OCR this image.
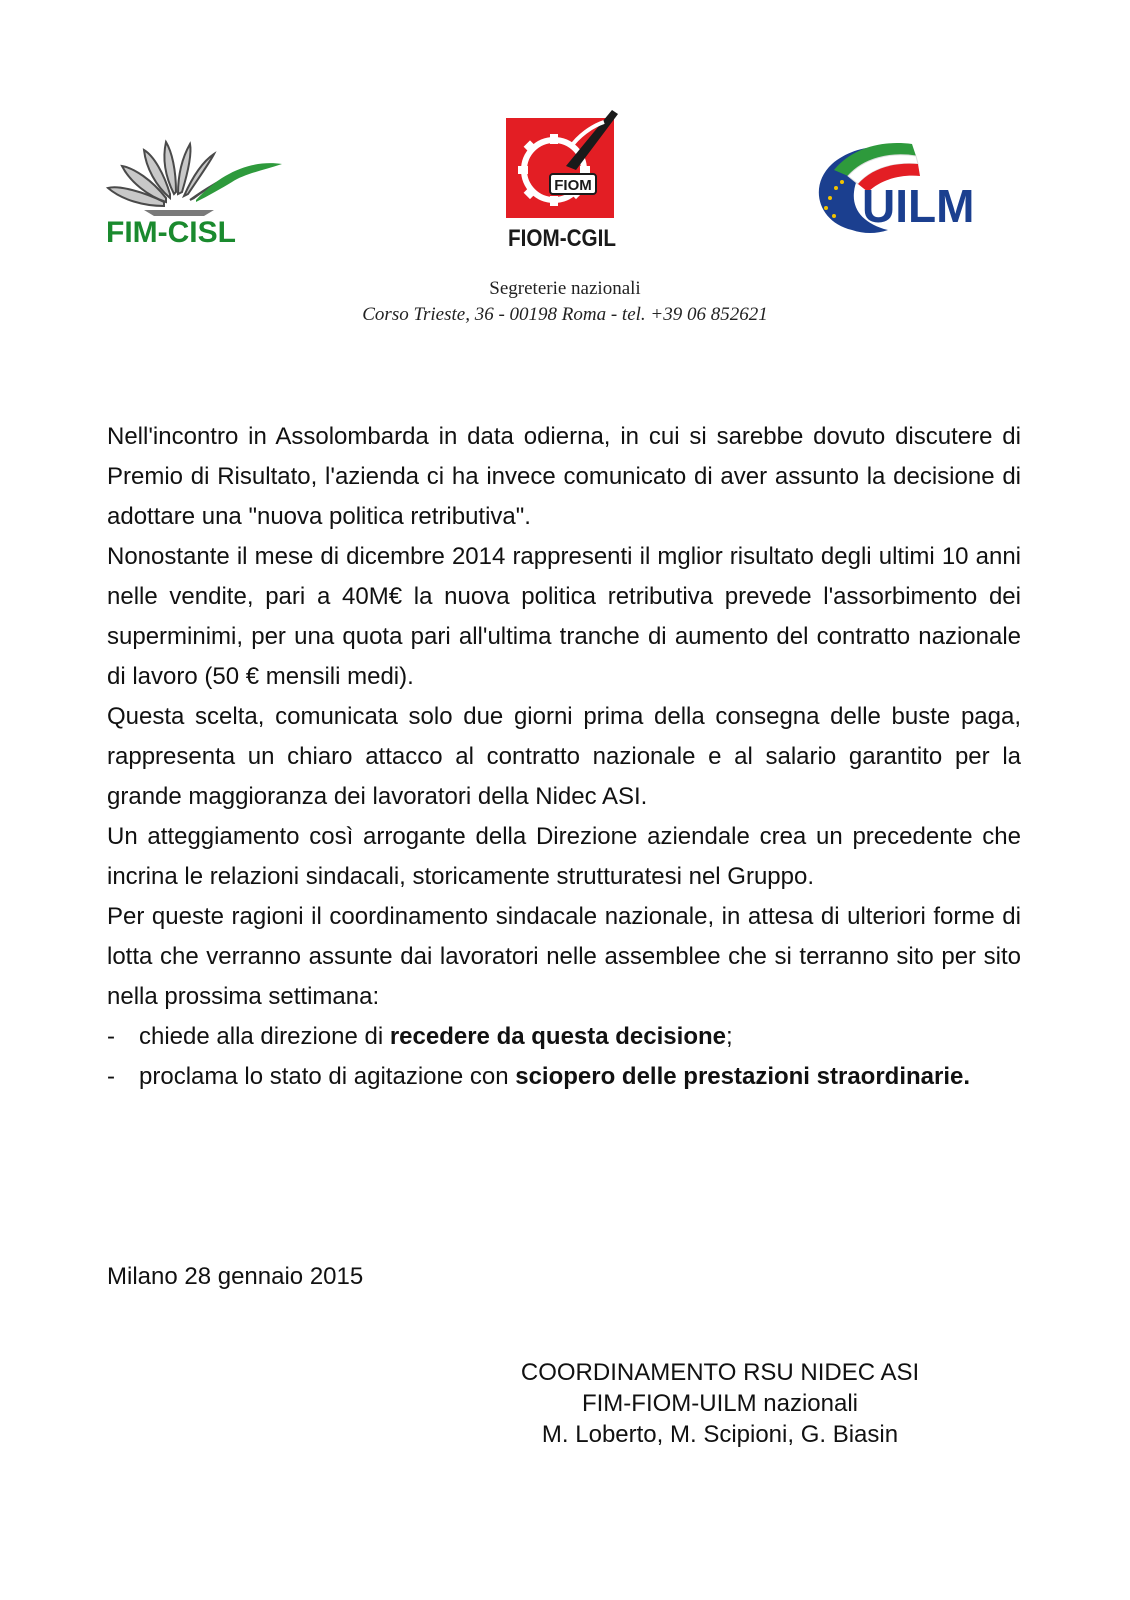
FIM-CISL
FIOM
FIOM-CGIL
UILM
Segreterie nazionali
Corso Trieste, 36 - 00198 Roma - tel. +39 06 852621

Nell'incontro in Assolombarda in data odierna, in cui si sarebbe dovuto discutere di Premio di Risultato, l'azienda ci ha invece comunicato di aver assunto la decisione di adottare una "nuova politica retributiva".

Nonostante il mese di dicembre 2014 rappresenti il mglior risultato degli ultimi 10 anni nelle vendite, pari a 40M€ la nuova politica retributiva prevede l'assorbimento dei superminimi, per una quota pari all'ultima tranche di aumento del contratto nazionale di lavoro (50 € mensili medi).

Questa scelta, comunicata solo due giorni prima della consegna delle buste paga, rappresenta un chiaro attacco al contratto nazionale e al salario garantito per la grande maggioranza dei lavoratori della Nidec ASI.

Un atteggiamento così arrogante della Direzione aziendale crea un precedente che incrina le relazioni sindacali, storicamente strutturatesi nel Gruppo.

Per queste ragioni il coordinamento sindacale nazionale, in attesa di ulteriori forme di lotta che verranno assunte dai lavoratori nelle assemblee che si terranno sito per sito nella prossima settimana:

- chiede alla direzione di recedere da questa decisione;

- proclama lo stato di agitazione con sciopero delle prestazioni straordinarie.

Milano 28 gennaio 2015
COORDINAMENTO RSU NIDEC ASI
FIM-FIOM-UILM nazionali
M. Loberto, M. Scipioni, G. Biasin
